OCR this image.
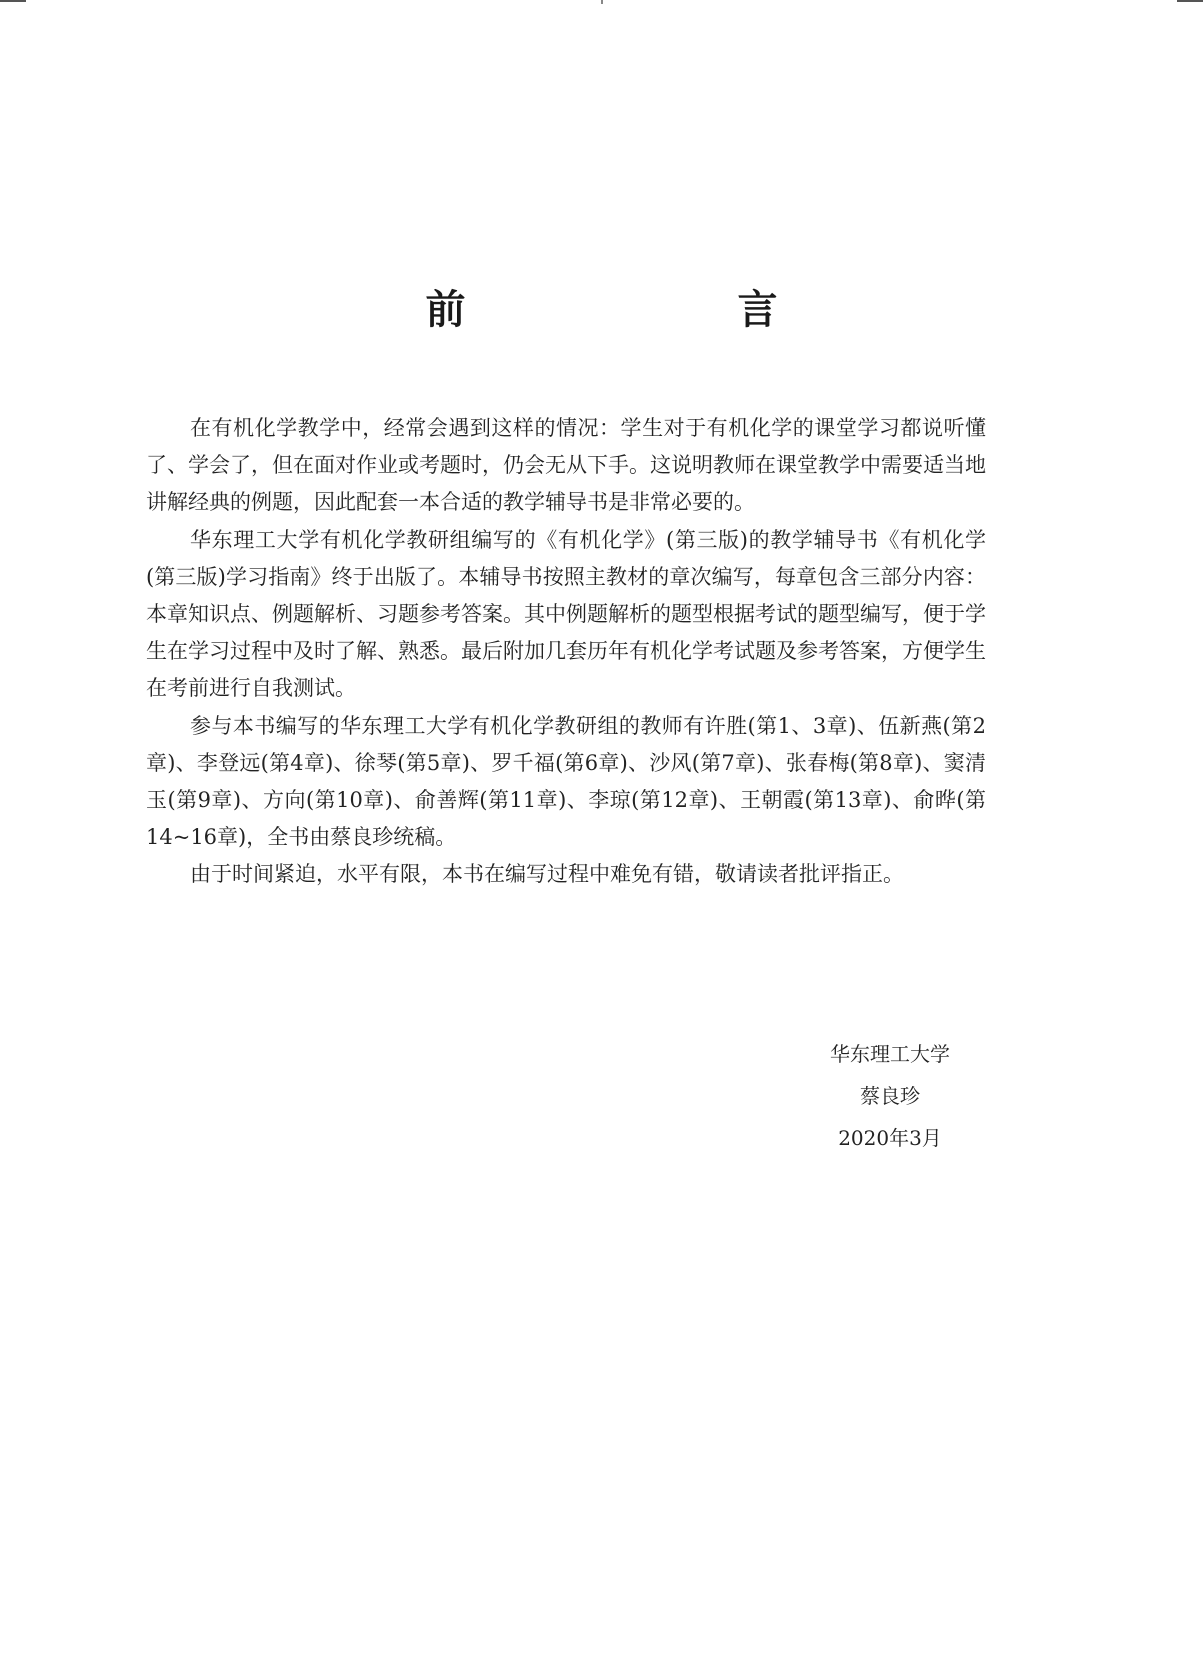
前　　言

在有机化学教学中，经常会遇到这样的情况：学生对于有机化学的课堂学习都说听懂了、学会了，但在面对作业或考题时，仍会无从下手。这说明教师在课堂教学中需要适当地讲解经典的例题，因此配套一本合适的教学辅导书是非常必要的。

华东理工大学有机化学教研组编写的《有机化学》(第三版)的教学辅导书《有机化学(第三版)学习指南》终于出版了。本辅导书按照主教材的章次编写，每章包含三部分内容：本章知识点、例题解析、习题参考答案。其中例题解析的题型根据考试的题型编写，便于学生在学习过程中及时了解、熟悉。最后附加几套历年有机化学考试题及参考答案，方便学生在考前进行自我测试。

参与本书编写的华东理工大学有机化学教研组的教师有许胜(第1、3章)、伍新燕(第2章)、李登远(第4章)、徐琴(第5章)、罗千福(第6章)、沙风(第7章)、张春梅(第8章)、窦清玉(第9章)、方向(第10章)、俞善辉(第11章)、李琼(第12章)、王朝霞(第13章)、俞晔(第14~16章)，全书由蔡良珍统稿。

由于时间紧迫，水平有限，本书在编写过程中难免有错，敬请读者批评指正。

华东理工大学
蔡良珍
2020年3月
